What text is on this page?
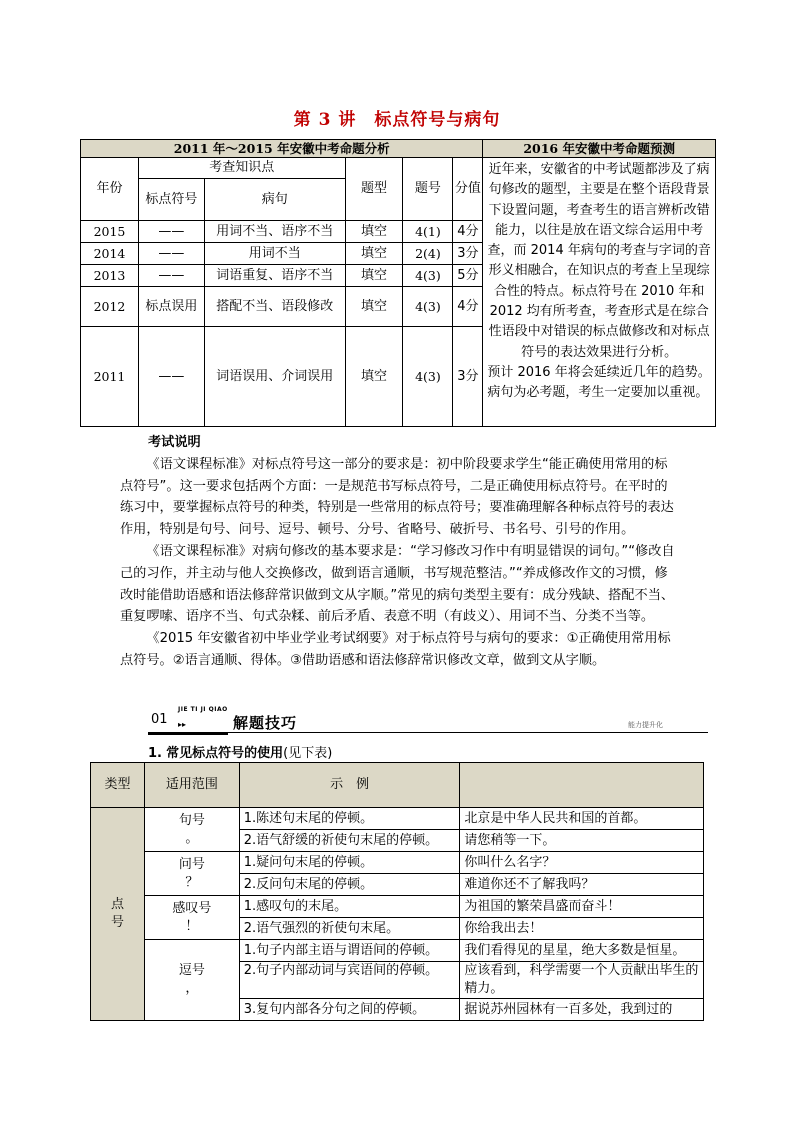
第 3 讲　标点符号与病句
2011 年～2015 年安徽中考命题分析						2016 年安徽中考命题预测
年份	考查知识点		题型	题号	分值	近年来，安徽省的中考试题都涉及了病句修改的题型，主要是在整个语段背景下设置问题，考查考生的语言辨析改错能力，以往是放在语文综合运用中考查，而 2014 年病句的考查与字词的音形义相融合，在知识点的考查上呈现综合性的特点。标点符号在 2010 年和 2012 均有所考查，考查形式是在综合性语段中对错误的标点做修改和对标点符号的表达效果进行分析。

预计 2016 年将会延续近几年的趋势。病句为必考题，考生一定要加以重视。

	标点符号	病句				

2015	——	用词不当、语序不当	填空	4(1)	4分	
2014	——	用词不当	填空	2(4)	3分	
2013	——	词语重复、语序不当	填空	4(3)	5分	
2012	标点误用	搭配不当、语段修改	填空	4(3)	4分	
2011	——	词语误用、介词误用	填空	4(3)	3分	

考试说明

《语文课程标准》对标点符号这一部分的要求是：初中阶段要求学生“能正确使用常用的标点符号”。这一要求包括两个方面：一是规范书写标点符号，二是正确使用标点符号。在平时的练习中，要掌握标点符号的种类，特别是一些常用的标点符号；要准确理解各种标点符号的表达作用，特别是句号、问号、逗号、顿号、分号、省略号、破折号、书名号、引号的作用。

《语文课程标准》对病句修改的基本要求是：“学习修改习作中有明显错误的词句。”“修改自己的习作，并主动与他人交换修改，做到语言通顺，书写规范整洁。”“养成修改作文的习惯，修改时能借助语感和语法修辞常识做到文从字顺。”常见的病句类型主要有：成分残缺、搭配不当、重复啰嗦、语序不当、句式杂糅、前后矛盾、表意不明（有歧义）、用词不当、分类不当等。

《2015 年安徽省初中毕业学业考试纲要》对于标点符号与病句的要求：①正确使用常用标点符号。②语言通顺、得体。③借助语感和语法修辞常识修改文章，做到文从字顺。

01
JIE TI JI QIAO
▸▸	解题技巧	能力提升化
1. 常见标点符号的使用(见下表)
类型	适用范围	示　例	
点号	句号
。	1.陈述句末尾的停顿。	北京是中华人民共和国的首都。
		2.语气舒缓的祈使句末尾的停顿。	请您稍等一下。

	问号
？	1.疑问句末尾的停顿。	你叫什么名字？
		2.反问句末尾的停顿。	难道你还不了解我吗？

	感叹号
！	1.感叹句的末尾。	为祖国的繁荣昌盛而奋斗！
		2.语气强烈的祈使句末尾。	你给我出去！

	逗号
，	1.句子内部主语与谓语间的停顿。	我们看得见的星星，绝大多数是恒星。
		2.句子内部动词与宾语间的停顿。	应该看到，科学需要一个人贡献出毕生的精力。
		3.复句内部各分句之间的停顿。	据说苏州园林有一百多处，我到过的
